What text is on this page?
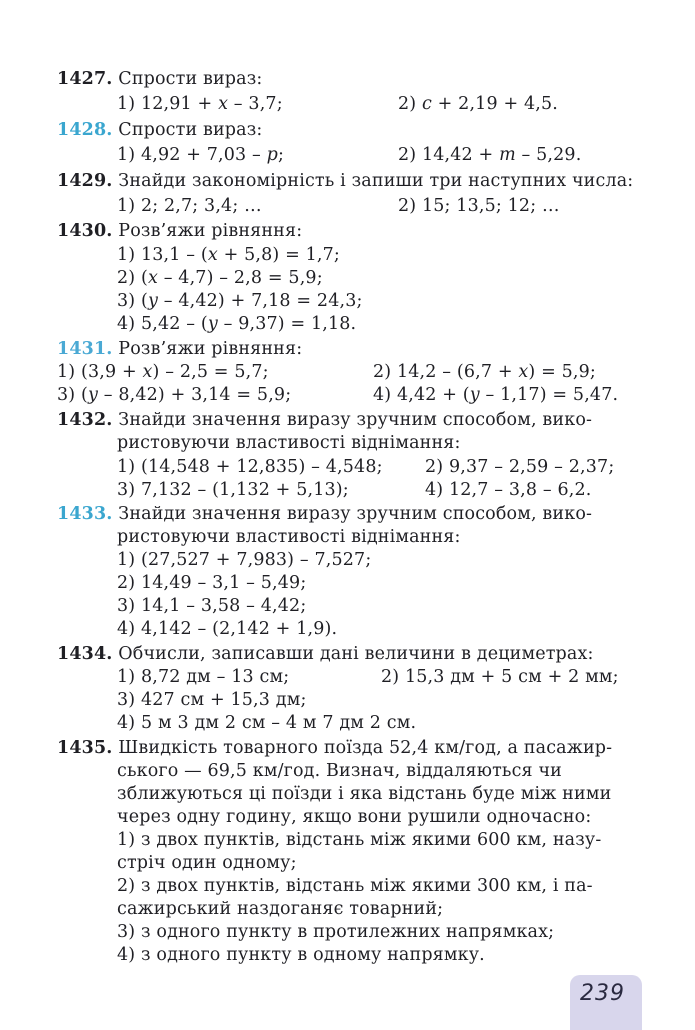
1427. Спрости вираз:
1) 12,91 + x – 3,7;	2) c + 2,19 + 4,5.
1428. Спрости вираз:
1) 4,92 + 7,03 – p;	2) 14,42 + m – 5,29.
1429. Знайди закономірність і запиши три наступних числа:
1) 2; 2,7; 3,4; …	2) 15; 13,5; 12; …
1430. Розв’яжи рівняння:
1) 13,1 – (x + 5,8) = 1,7;
2) (x – 4,7) – 2,8 = 5,9;
3) (y – 4,42) + 7,18 = 24,3;
4) 5,42 – (y – 9,37) = 1,18.
1431. Розв’яжи рівняння:
1) (3,9 + x) – 2,5 = 5,7;	2) 14,2 – (6,7 + x) = 5,9;
3) (y – 8,42) + 3,14 = 5,9;	4) 4,42 + (y – 1,17) = 5,47.
1432. Знайди значення виразу зручним способом, вико-
ристовуючи властивості віднімання:
1) (14,548 + 12,835) – 4,548; 2) 9,37 – 2,59 – 2,37;
3) 7,132 – (1,132 + 5,13);	4) 12,7 – 3,8 – 6,2.
1433. Знайди значення виразу зручним способом, вико-
ристовуючи властивості віднімання:
1) (27,527 + 7,983) – 7,527;
2) 14,49 – 3,1 – 5,49;
3) 14,1 – 3,58 – 4,42;
4) 4,142 – (2,142 + 1,9).
1434. Обчисли, записавши дані величини в дециметрах:
1) 8,72 дм – 13 см;	2) 15,3 дм + 5 см + 2 мм;
3) 427 см + 15,3 дм;
4) 5 м 3 дм 2 см – 4 м 7 дм 2 см.
1435. Швидкість товарного поїзда 52,4 км/год, а пасажир-
ського — 69,5 км/год. Визнач, віддаляються чи
зближуються ці поїзди і яка відстань буде між ними
через одну годину, якщо вони рушили одночасно:
1) з двох пунктів, відстань між якими 600 км, назу-
стріч один одному;
2) з двох пунктів, відстань між якими 300 км, і па-
сажирський наздоганяє товарний;
3) з одного пункту в протилежних напрямках;
4) з одного пункту в одному напрямку.
239
